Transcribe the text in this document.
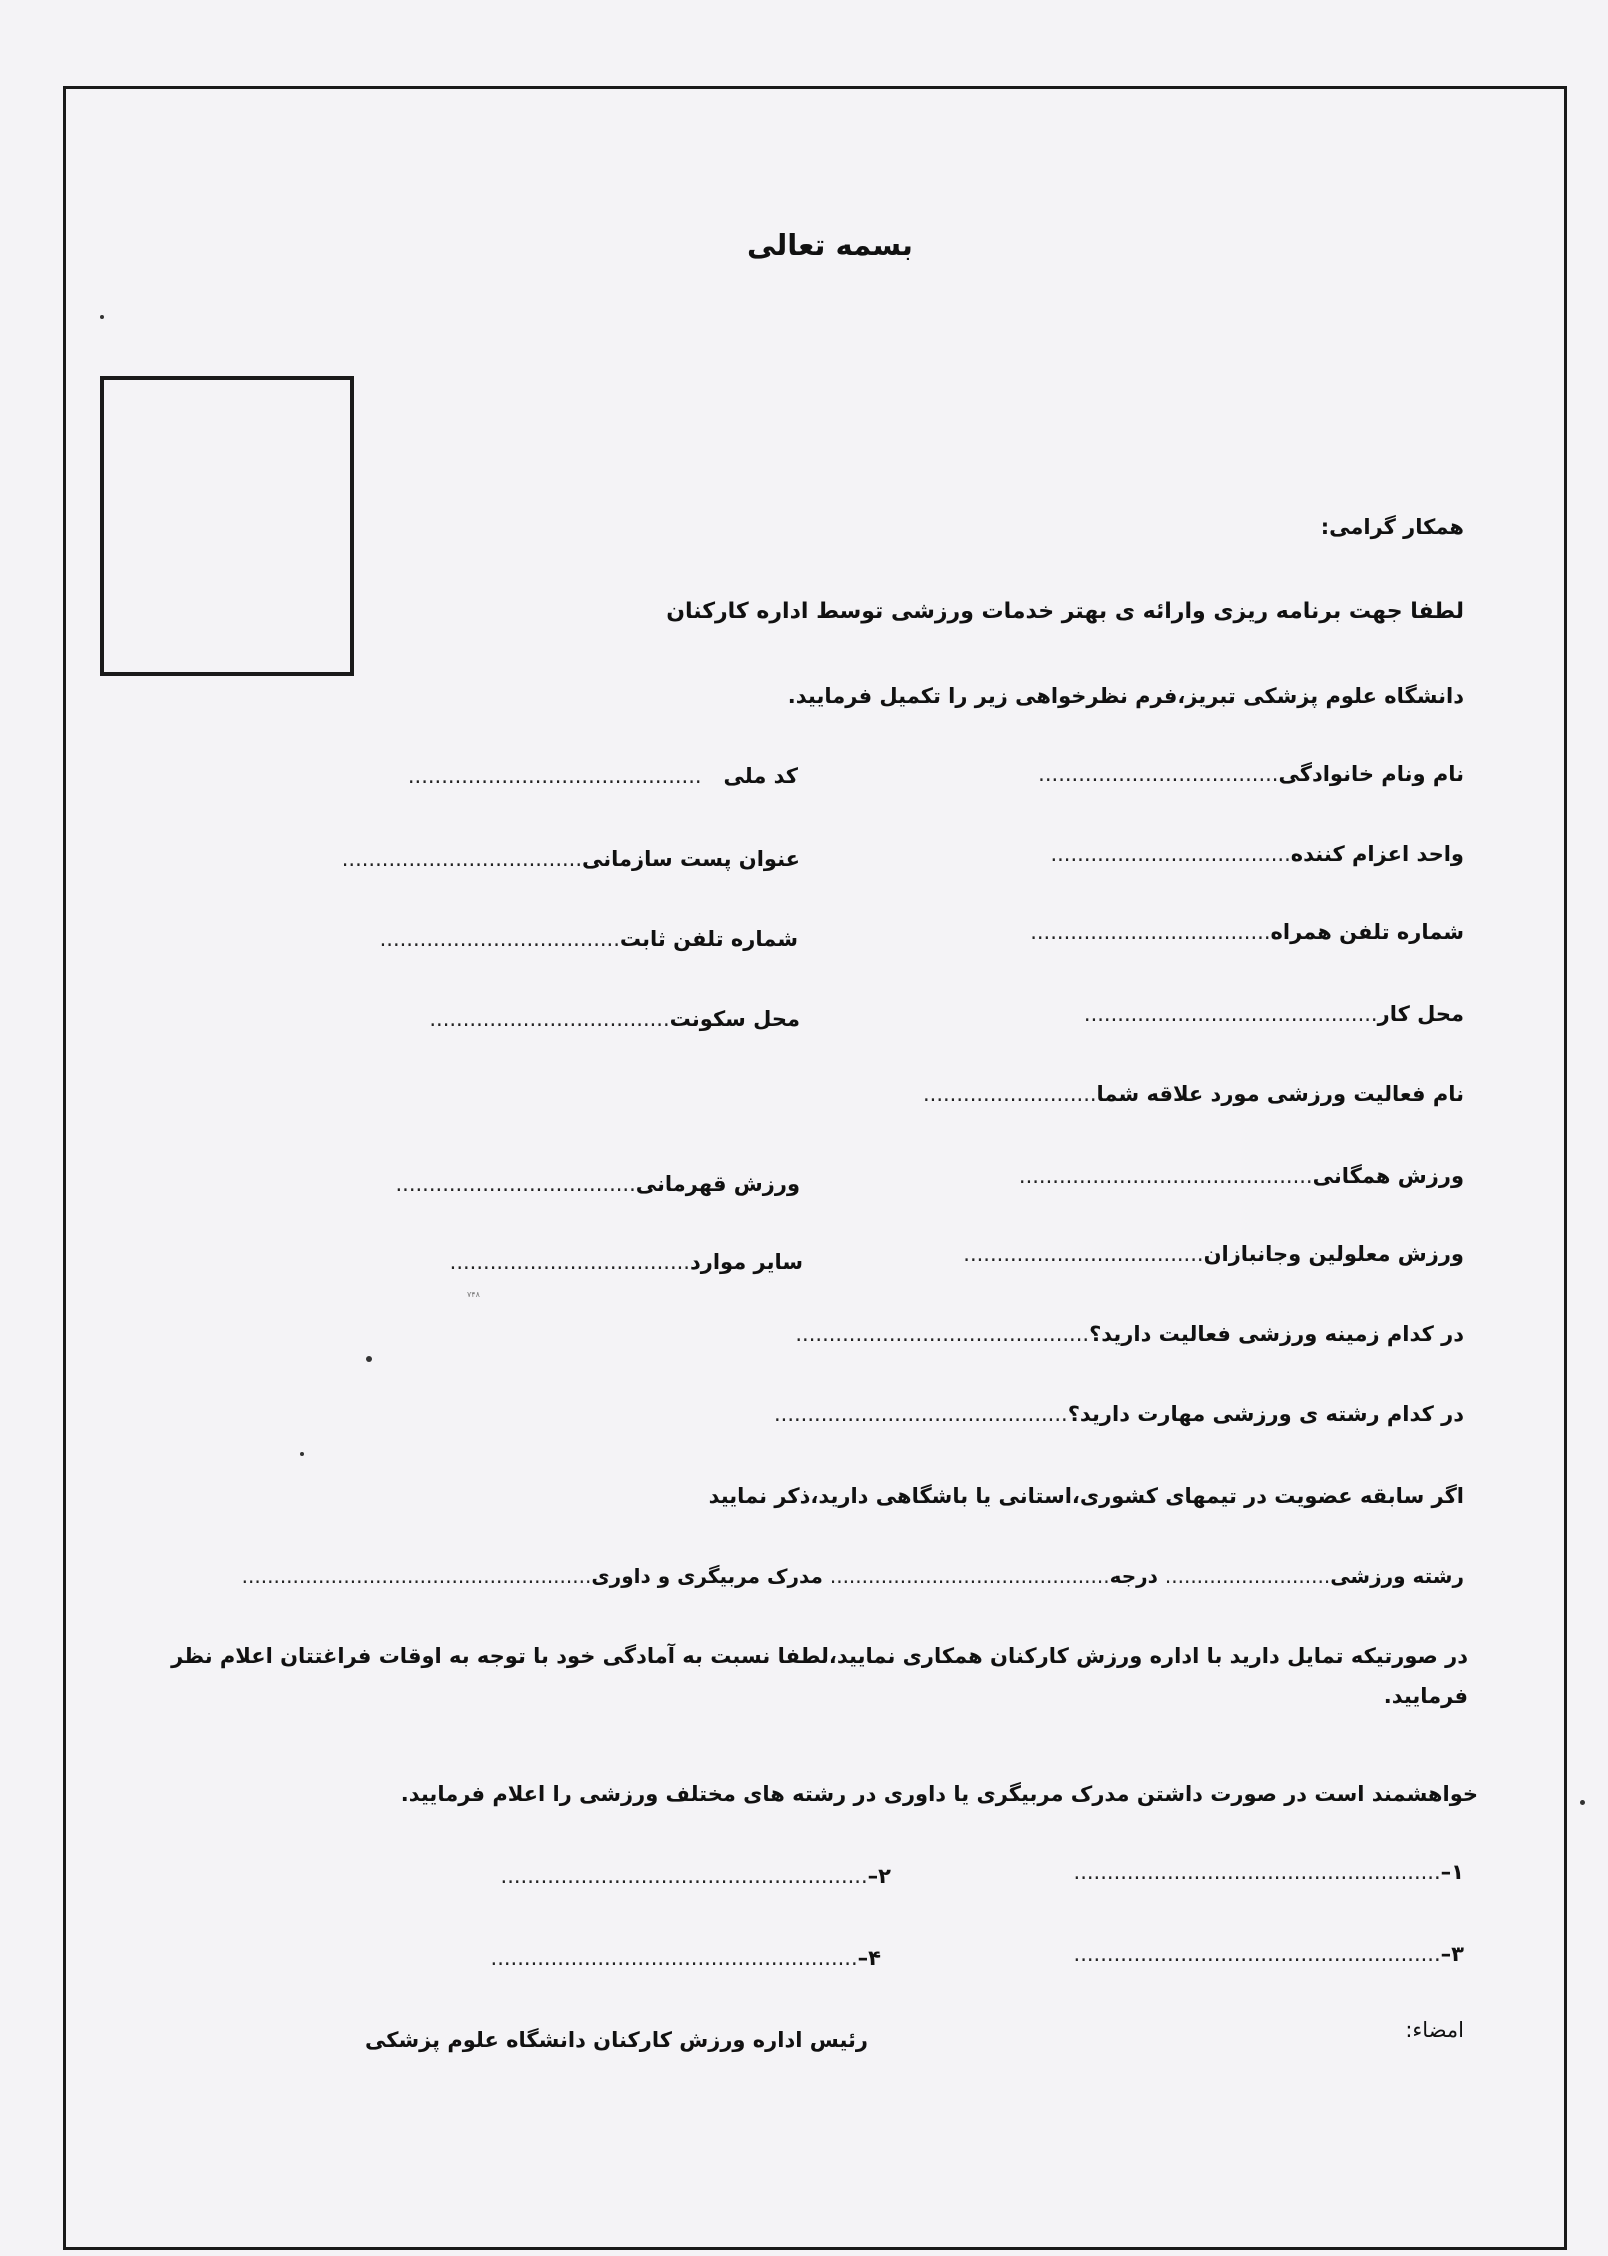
بسمه تعالی
همکار گرامی:
لطفا جهت برنامه ریزی وارائه ی بهتر خدمات ورزشی توسط اداره کارکنان
دانشگاه علوم پزشکی تبریز،فرم نظرخواهی زیر را تکمیل فرمایید.
نام ونام خانوادگی....................................
کد ملی   ............................................
واحد اعزام کننده....................................
عنوان پست سازمانی....................................
شماره تلفن همراه....................................
شماره تلفن ثابت....................................
محل کار............................................
محل سکونت....................................
نام فعالیت ورزشی مورد علاقه شما..........................
ورزش همگانی............................................
ورزش قهرمانی....................................
ورزش معلولین وجانبازان....................................
سایر موارد....................................
۷۴۸
در کدام زمینه ورزشی فعالیت دارید؟............................................
در کدام رشته ی ورزشی مهارت دارید؟............................................
اگر سابقه عضویت در تیمهای کشوری،استانی یا باشگاهی دارید،ذکر نمایید
رشته ورزشی.......................... درجه............................................ مدرک مربیگری و داوری.......................................................
در صورتیکه تمایل دارید با اداره ورزش کارکنان همکاری نمایید،لطفا نسبت به آمادگی خود با توجه به اوقات فراغتتان اعلام نظر فرمایید.
خواهشمند است در صورت داشتن مدرک مربیگری یا داوری در رشته های مختلف ورزشی را اعلام فرمایید.
۱–.......................................................
۲–.......................................................
۳–.......................................................
۴–.......................................................
امضاء:
رئیس اداره ورزش کارکنان دانشگاه علوم پزشکی
